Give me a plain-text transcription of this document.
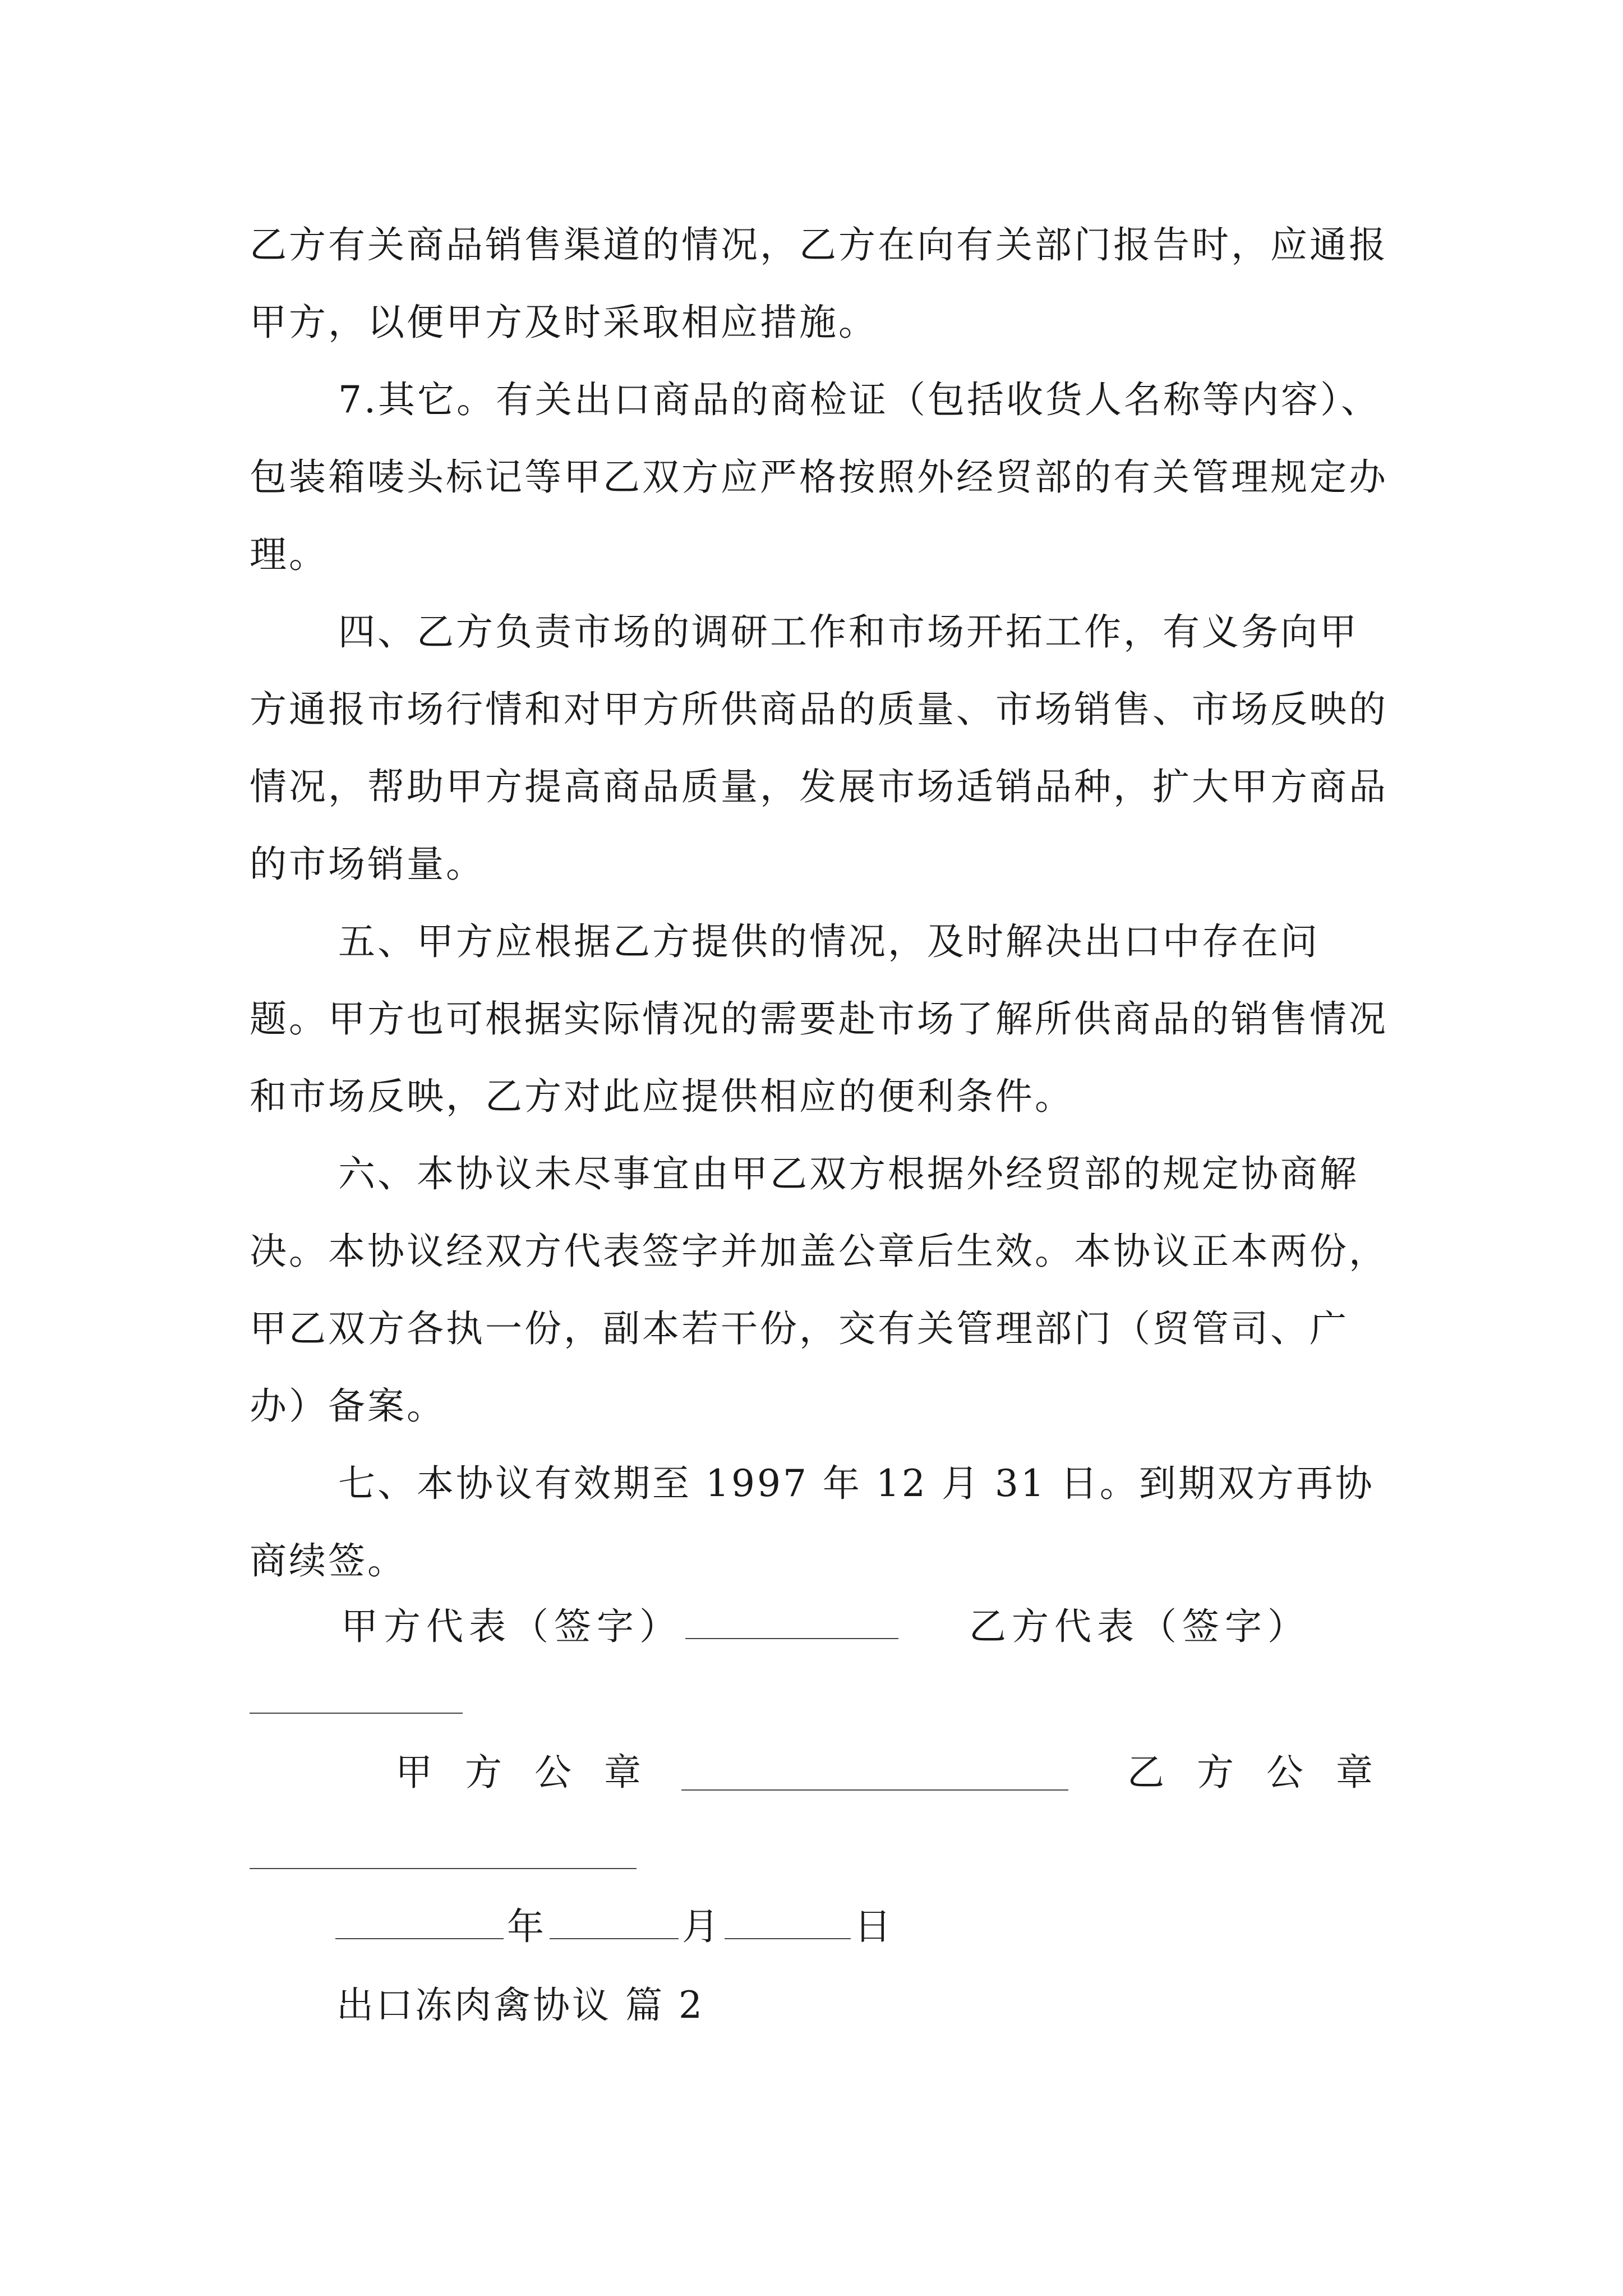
乙方有关商品销售渠道的情况，乙方在向有关部门报告时，应通报甲方，以便甲方及时采取相应措施。

7.其它。有关出口商品的商检证（包括收货人名称等内容）、包装箱唛头标记等甲乙双方应严格按照外经贸部的有关管理规定办理。

四、乙方负责市场的调研工作和市场开拓工作，有义务向甲方通报市场行情和对甲方所供商品的质量、市场销售、市场反映的情况，帮助甲方提高商品质量，发展市场适销品种，扩大甲方商品的市场销量。

五、甲方应根据乙方提供的情况，及时解决出口中存在问题。甲方也可根据实际情况的需要赴市场了解所供商品的销售情况和市场反映，乙方对此应提供相应的便利条件。

六、本协议未尽事宜由甲乙双方根据外经贸部的规定协商解决。本协议经双方代表签字并加盖公章后生效。本协议正本两份，甲乙双方各执一份，副本若干份，交有关管理部门（贸管司、广办）备案。

七、本协议有效期至 1997 年 12 月 31 日。到期双方再协商续签。

甲方代表（签字）	乙方代表（签字）
甲方公章	乙方公章
年	月	日
出口冻肉禽协议 篇 2
